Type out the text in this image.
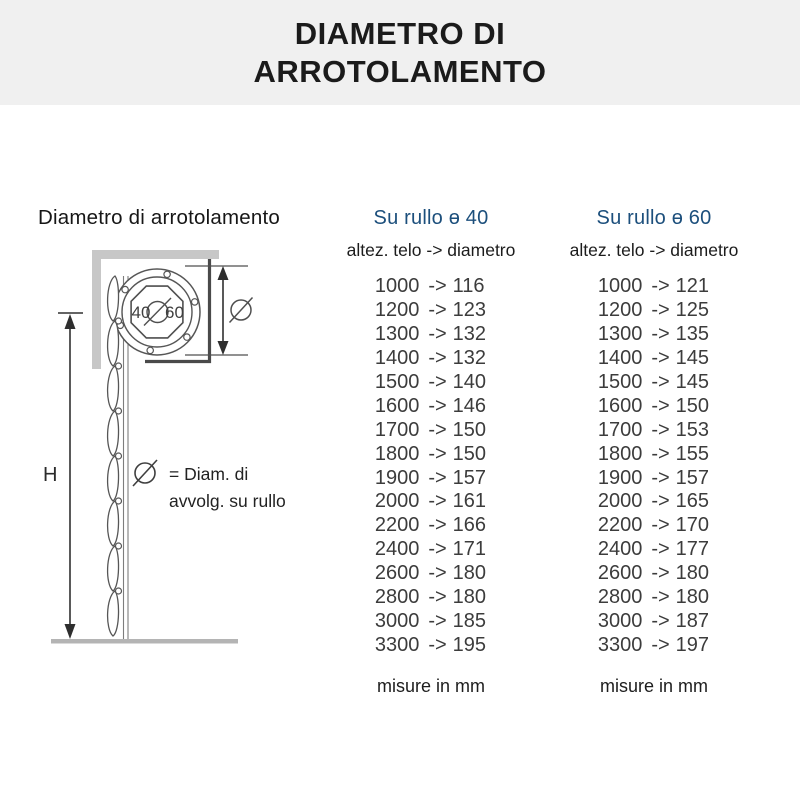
DIAMETRO DI
ARROTOLAMENTO
Diametro di arrotolamento
40 60
H	= Diam. di
avvolg. su rullo
Su rullo ɵ 40
altez. telo -> diametro
1000 -> 116
1200 -> 123
1300 -> 132
1400 -> 132
1500 -> 140
1600 -> 146
1700 -> 150
1800 -> 150
1900 -> 157
2000 -> 161
2200 -> 166
2400 -> 171
2600 -> 180
2800 -> 180
3000 -> 185
3300 -> 195
misure in mm
Su rullo ɵ 60
altez. telo -> diametro
1000 -> 121
1200 -> 125
1300 -> 135
1400 -> 145
1500 -> 145
1600 -> 150
1700 -> 153
1800 -> 155
1900 -> 157
2000 -> 165
2200 -> 170
2400 -> 177
2600 -> 180
2800 -> 180
3000 -> 187
3300 -> 197
misure in mm
